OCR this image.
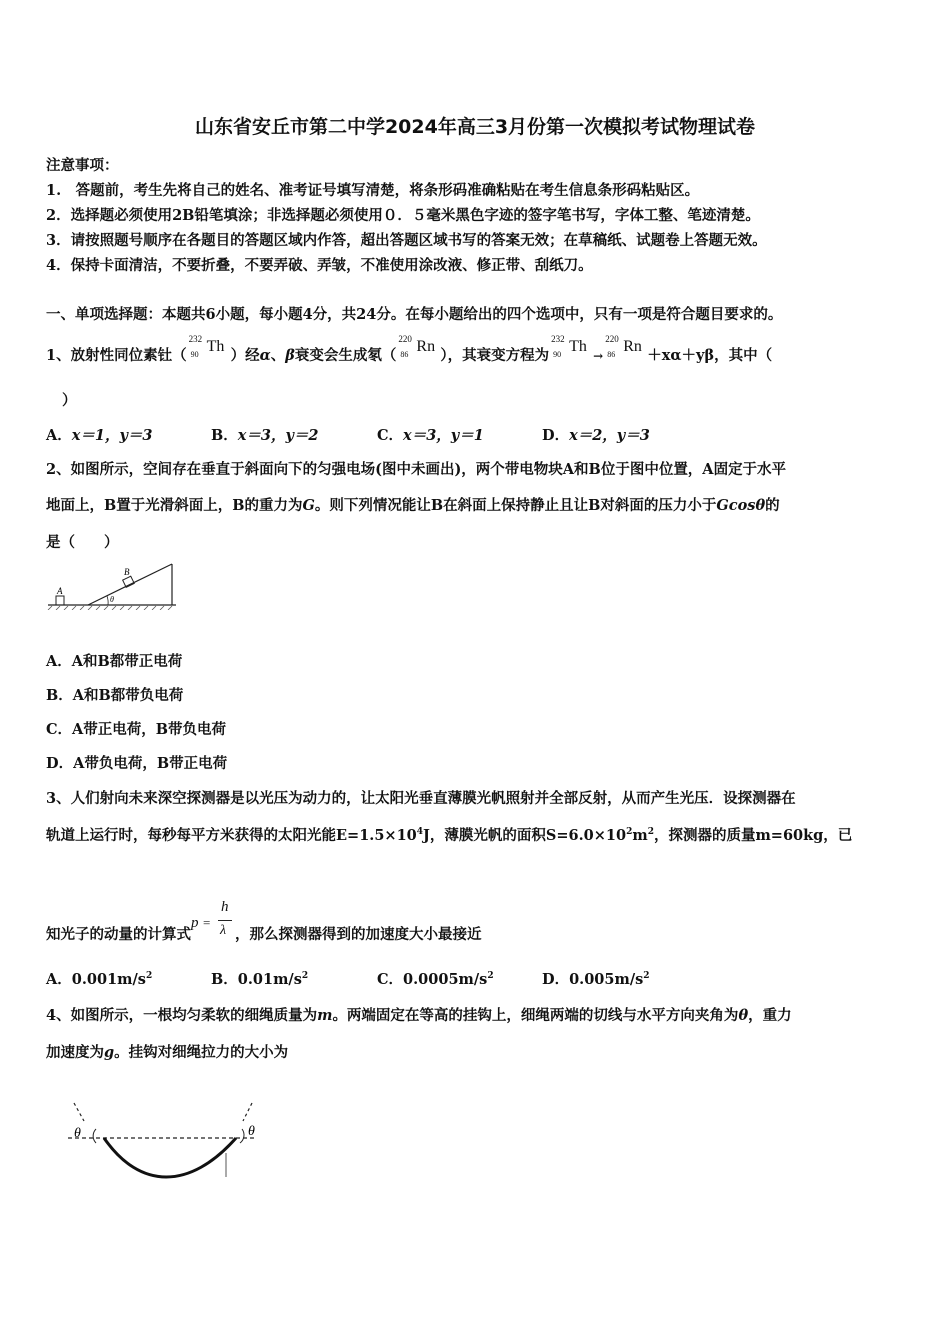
山东省安丘市第二中学2024年高三3月份第一次模拟考试物理试卷
注意事项：
1.　答题前，考生先将自己的姓名、准考证号填写清楚，将条形码准确粘贴在考生信息条形码粘贴区。
2．选择题必须使用2B铅笔填涂；非选择题必须使用０．５毫米黑色字迹的签字笔书写，字体工整、笔迹清楚。
3．请按照题号顺序在各题目的答题区域内作答，超出答题区域书写的答案无效；在草稿纸、试题卷上答题无效。
4．保持卡面清洁，不要折叠，不要弄破、弄皱，不准使用涂改液、修正带、刮纸刀。
一、单项选择题：本题共6小题，每小题4分，共24分。在每小题给出的四个选项中，只有一项是符合题目要求的。
1、放射性同位素钍（
232
90 Th
）经α、β衰变会生成氡（
220
86 Rn
），其衰变方程为
232
90 Th
→
220
86 Rn
＋xα＋yβ，其中（
）
A．x＝1，y＝3	B．x＝3，y＝2	C．x＝3，y＝1	D．x＝2，y＝3
2、如图所示，空间存在垂直于斜面向下的匀强电场(图中未画出)，两个带电物块A和B位于图中位置，A固定于水平
地面上，B置于光滑斜面上，B的重力为G。则下列情况能让B在斜面上保持静止且让B对斜面的压力小于Gcosθ的
是（　　）
A
B
θ
A．A和B都带正电荷
B．A和B都带负电荷
C．A带正电荷，B带负电荷
D．A带负电荷，B带正电荷
3、人们射向未来深空探测器是以光压为动力的，让太阳光垂直薄膜光帆照射并全部反射，从而产生光压．设探测器在
轨道上运行时，每秒每平方米获得的太阳光能$E=1.5\times 10^4J$，薄膜光帆的面积$S=6.0\times 10^2m^2$，探测器的质量m=60kg，已
知光子的动量的计算式
p =
h
λ ，那么探测器得到的加速度大小最接近
A．$0.001m/s^2$	B．$0.01m/s^2$	C．$0.0005m/s^2$	D．$0.005m/s^2$
4、如图所示，一根均匀柔软的细绳质量为m。两端固定在等高的挂钩上，细绳两端的切线与水平方向夹角为θ，重力
加速度为g。挂钩对细绳拉力的大小为
θ	θ
